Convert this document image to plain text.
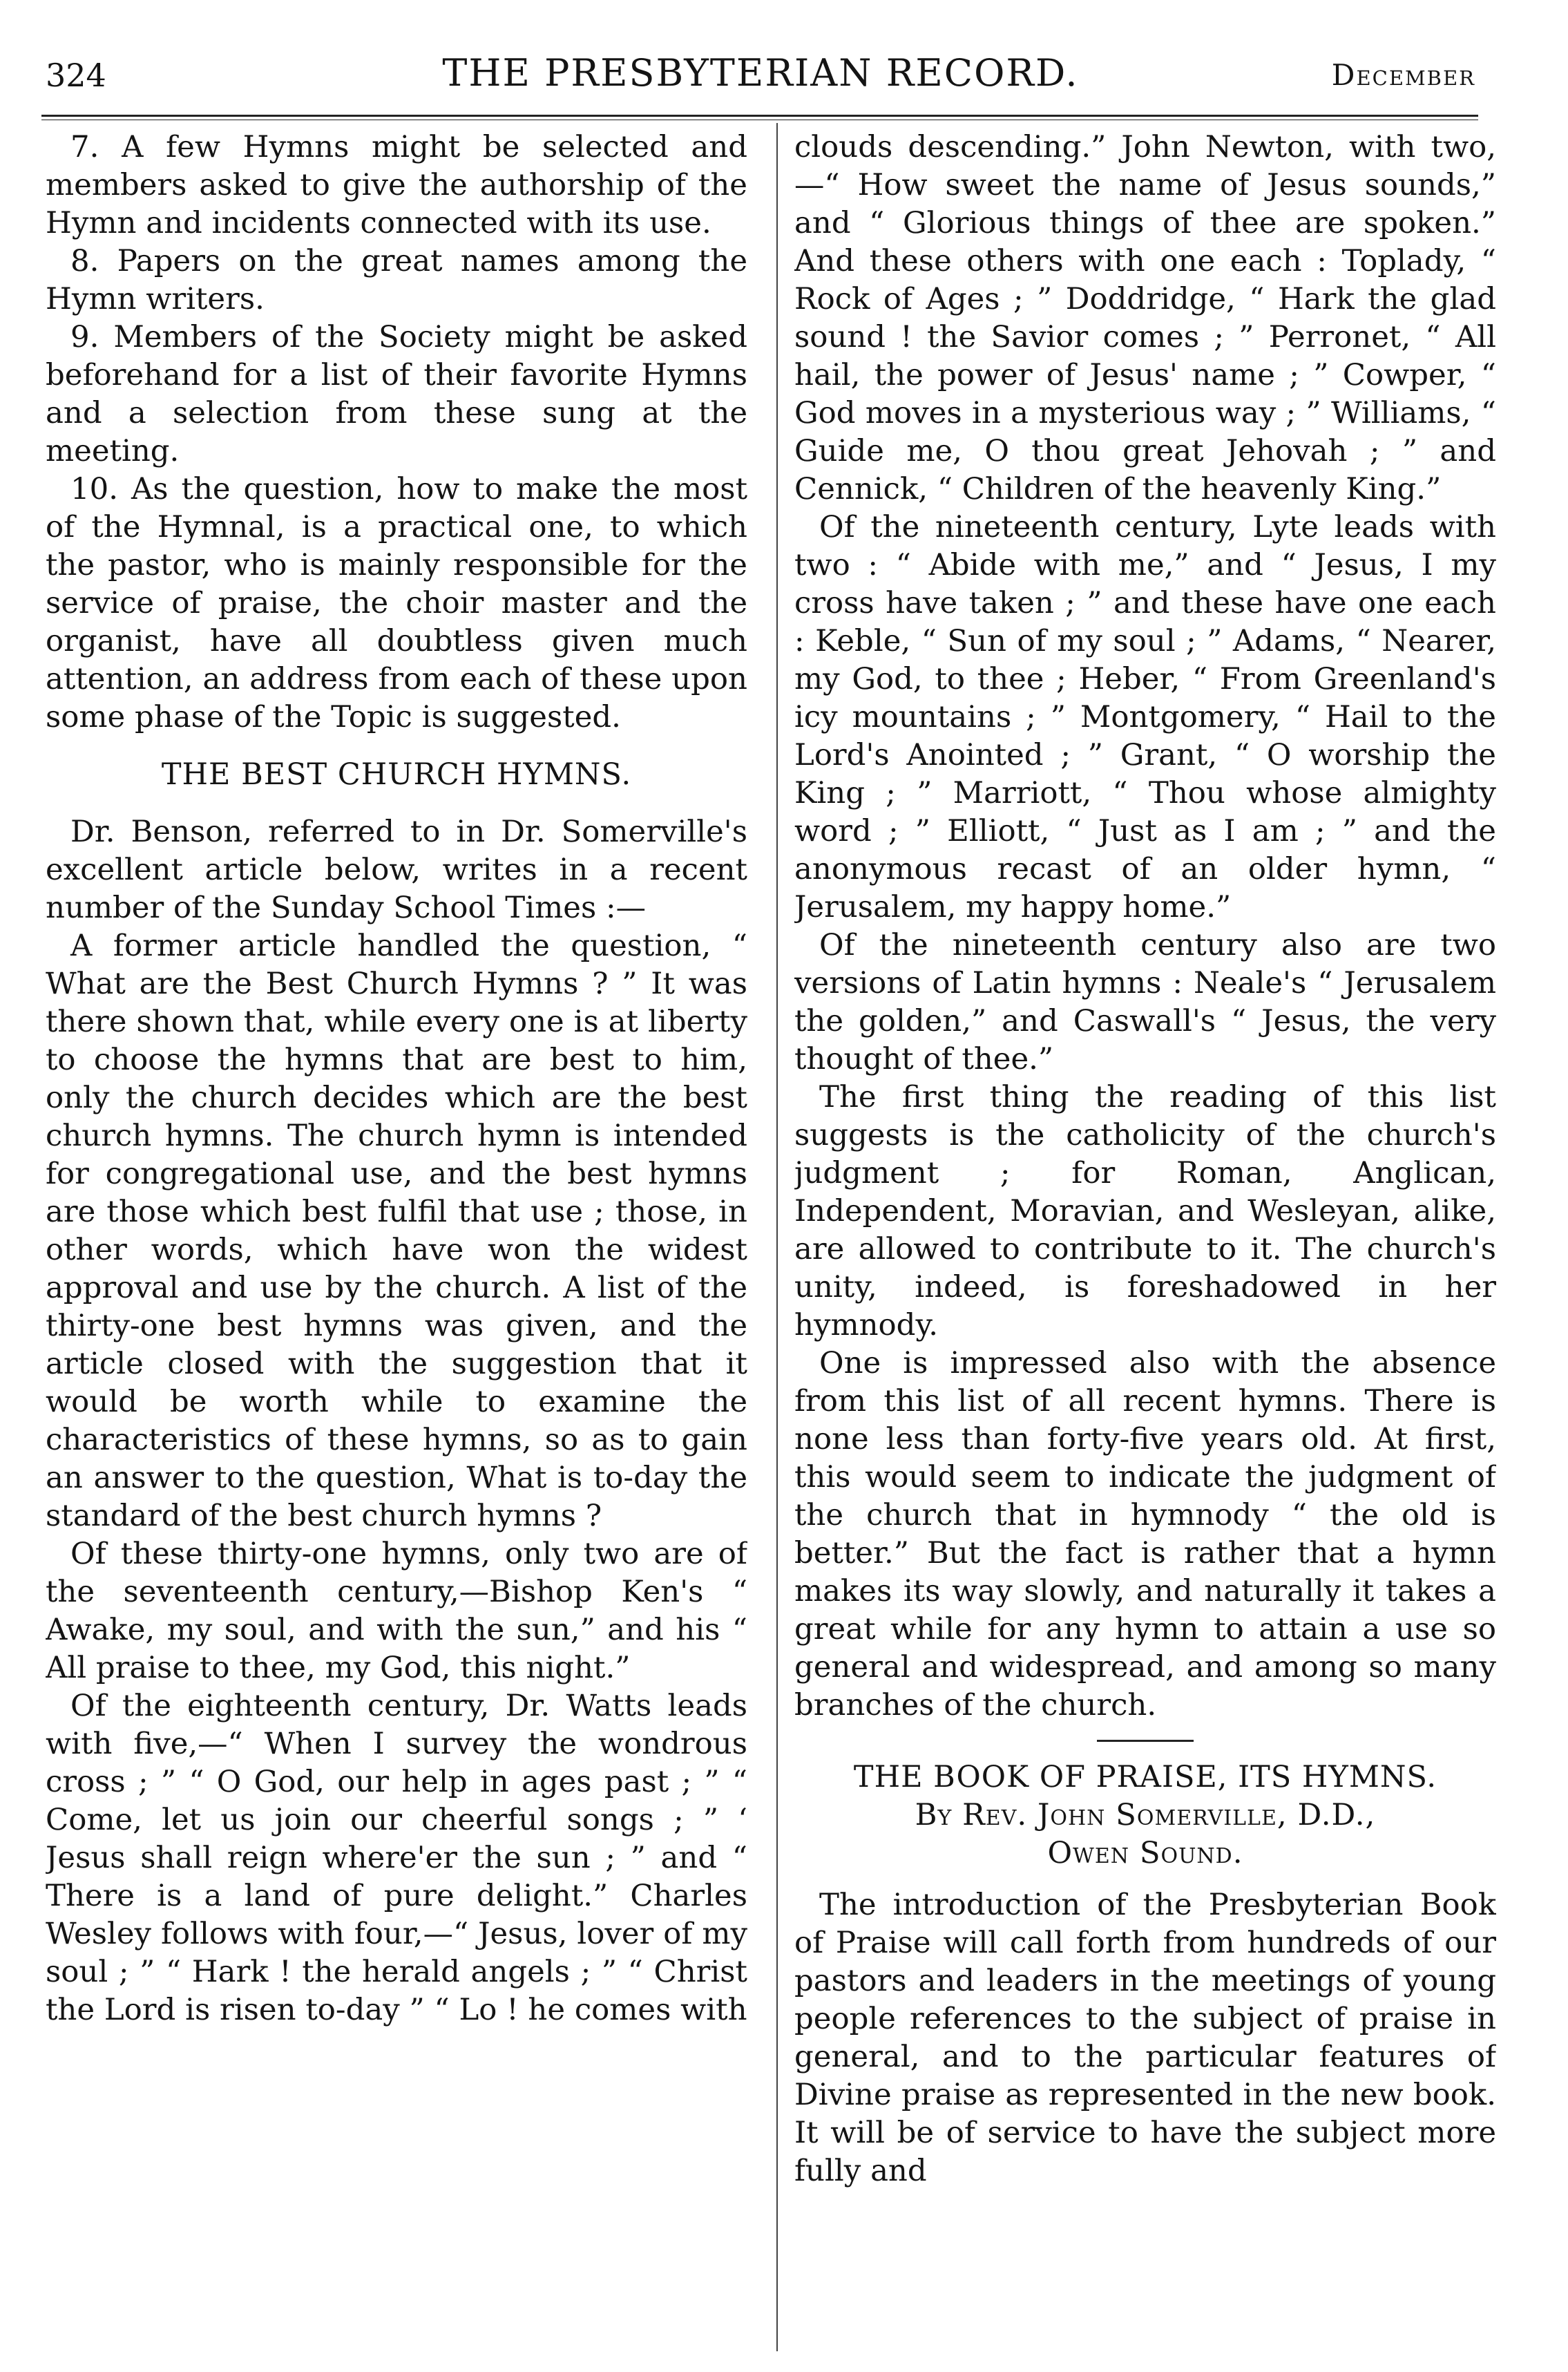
324	THE PRESBYTERIAN RECORD.	December

7. A few Hymns might be selected and members asked to give the authorship of the Hymn and incidents connected with its use.

8. Papers on the great names among the Hymn writers.

9. Members of the Society might be asked beforehand for a list of their favorite Hymns and a selection from these sung at the meeting.

10. As the question, how to make the most of the Hymnal, is a practical one, to which the pastor, who is mainly responsible for the service of praise, the choir master and the organist, have all doubtless given much attention, an address from each of these upon some phase of the Topic is suggested.

THE BEST CHURCH HYMNS.

Dr. Benson, referred to in Dr. Somerville's excellent article below, writes in a recent number of the Sunday School Times :—

A former article handled the question, “ What are the Best Church Hymns ? ” It was there shown that, while every one is at liberty to choose the hymns that are best to him, only the church decides which are the best church hymns. The church hymn is intended for congregational use, and the best hymns are those which best fulfil that use ; those, in other words, which have won the widest approval and use by the church. A list of the thirty-one best hymns was given, and the article closed with the suggestion that it would be worth while to examine the characteristics of these hymns, so as to gain an answer to the question, What is to-day the standard of the best church hymns ?

Of these thirty-one hymns, only two are of the seventeenth century,—Bishop Ken's “ Awake, my soul, and with the sun,” and his “ All praise to thee, my God, this night.”

Of the eighteenth century, Dr. Watts leads with five,—“ When I survey the wondrous cross ; ” “ O God, our help in ages past ; ” “ Come, let us join our cheerful songs ; ” ‘ Jesus shall reign where'er the sun ; ” and “ There is a land of pure delight.” Charles Wesley follows with four,—“ Jesus, lover of my soul ; ” “ Hark ! the herald angels ; ” “ Christ the Lord is risen to-day ” “ Lo ! he comes with

clouds descending.” John Newton, with two,—“ How sweet the name of Jesus sounds,” and “ Glorious things of thee are spoken.” And these others with one each : Toplady, “ Rock of Ages ; ” Doddridge, “ Hark the glad sound ! the Savior comes ; ” Perronet, “ All hail, the power of Jesus' name ; ” Cowper, “ God moves in a mysterious way ; ” Williams, “ Guide me, O thou great Jehovah ; ” and Cennick, “ Children of the heavenly King.”

Of the nineteenth century, Lyte leads with two : “ Abide with me,” and “ Jesus, I my cross have taken ; ” and these have one each : Keble, “ Sun of my soul ; ” Adams, “ Nearer, my God, to thee ; Heber, “ From Greenland's icy mountains ; ” Montgomery, “ Hail to the Lord's Anointed ; ” Grant, “ O worship the King ; ” Marriott, “ Thou whose almighty word ; ” Elliott, “ Just as I am ; ” and the anonymous recast of an older hymn, “ Jerusalem, my happy home.”

Of the nineteenth century also are two versions of Latin hymns : Neale's “ Jerusalem the golden,” and Caswall's “ Jesus, the very thought of thee.”

The first thing the reading of this list suggests is the catholicity of the church's judgment ; for Roman, Anglican, Independent, Moravian, and Wesleyan, alike, are allowed to contribute to it. The church's unity, indeed, is foreshadowed in her hymnody.

One is impressed also with the absence from this list of all recent hymns. There is none less than forty-five years old. At first, this would seem to indicate the judgment of the church that in hymnody “ the old is better.” But the fact is rather that a hymn makes its way slowly, and naturally it takes a great while for any hymn to attain a use so general and widespread, and among so many branches of the church.

THE BOOK OF PRAISE, ITS HYMNS.
By Rev. John Somerville, D.D.,
Owen Sound.

The introduction of the Presbyterian Book of Praise will call forth from hundreds of our pastors and leaders in the meetings of young people references to the subject of praise in general, and to the particular features of Divine praise as represented in the new book. It will be of service to have the subject more fully and
